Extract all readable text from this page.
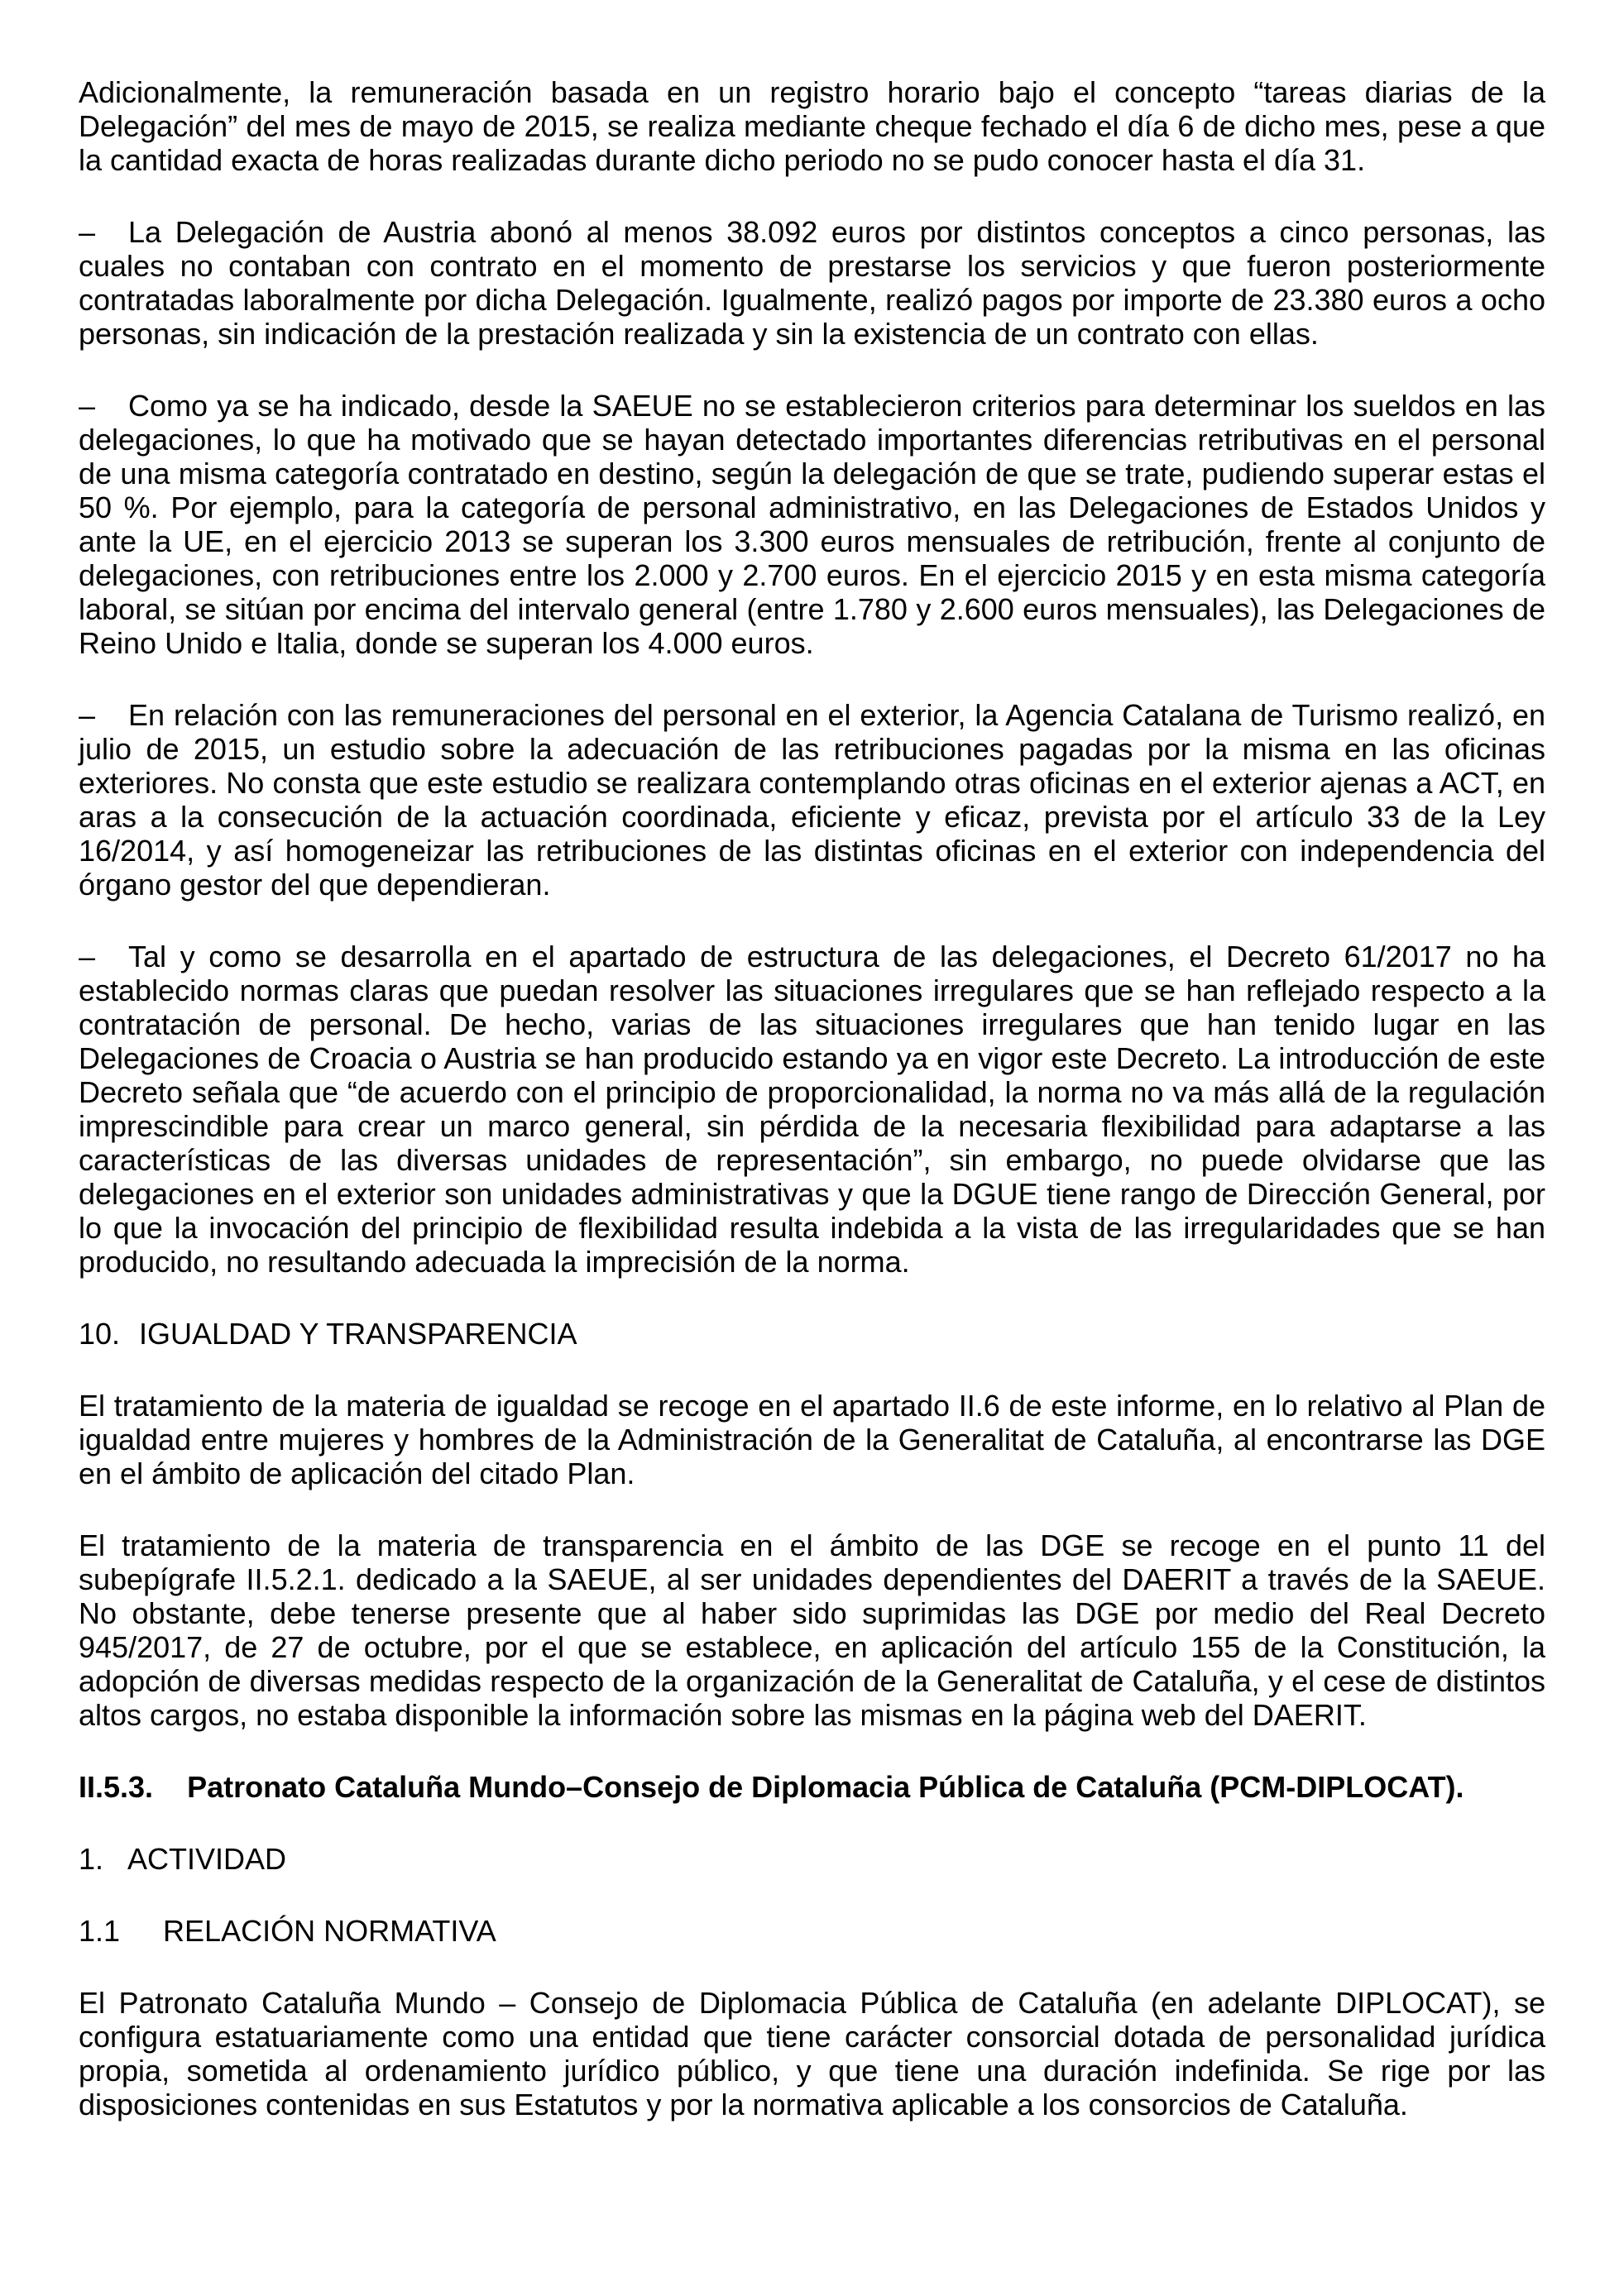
Adicionalmente, la remuneración basada en un registro horario bajo el concepto “tareas diarias de la Delegación” del mes de mayo de 2015, se realiza mediante cheque fechado el día 6 de dicho mes, pese a que la cantidad exacta de horas realizadas durante dicho periodo no se pudo conocer hasta el día 31.

– La Delegación de Austria abonó al menos 38.092 euros por distintos conceptos a cinco personas, las cuales no contaban con contrato en el momento de prestarse los servicios y que fueron posteriormente contratadas laboralmente por dicha Delegación. Igualmente, realizó pagos por importe de 23.380 euros a ocho personas, sin indicación de la prestación realizada y sin la existencia de un contrato con ellas.

– Como ya se ha indicado, desde la SAEUE no se establecieron criterios para determinar los sueldos en las delegaciones, lo que ha motivado que se hayan detectado importantes diferencias retributivas en el personal de una misma categoría contratado en destino, según la delegación de que se trate, pudiendo superar estas el 50 %. Por ejemplo, para la categoría de personal administrativo, en las Delegaciones de Estados Unidos y ante la UE, en el ejercicio 2013 se superan los 3.300 euros mensuales de retribución, frente al conjunto de delegaciones, con retribuciones entre los 2.000 y 2.700 euros. En el ejercicio 2015 y en esta misma categoría laboral, se sitúan por encima del intervalo general (entre 1.780 y 2.600 euros mensuales), las Delegaciones de Reino Unido e Italia, donde se superan los 4.000 euros.

– En relación con las remuneraciones del personal en el exterior, la Agencia Catalana de Turismo realizó, en julio de 2015, un estudio sobre la adecuación de las retribuciones pagadas por la misma en las oficinas exteriores. No consta que este estudio se realizara contemplando otras oficinas en el exterior ajenas a ACT, en aras a la consecución de la actuación coordinada, eficiente y eficaz, prevista por el artículo 33 de la Ley 16/2014, y así homogeneizar las retribuciones de las distintas oficinas en el exterior con independencia del órgano gestor del que dependieran.

– Tal y como se desarrolla en el apartado de estructura de las delegaciones, el Decreto 61/2017 no ha establecido normas claras que puedan resolver las situaciones irregulares que se han reflejado respecto a la contratación de personal. De hecho, varias de las situaciones irregulares que han tenido lugar en las Delegaciones de Croacia o Austria se han producido estando ya en vigor este Decreto. La introducción de este Decreto señala que “de acuerdo con el principio de proporcionalidad, la norma no va más allá de la regulación imprescindible para crear un marco general, sin pérdida de la necesaria flexibilidad para adaptarse a las características de las diversas unidades de representación”, sin embargo, no puede olvidarse que las delegaciones en el exterior son unidades administrativas y que la DGUE tiene rango de Dirección General, por lo que la invocación del principio de flexibilidad resulta indebida a la vista de las irregularidades que se han producido, no resultando adecuada la imprecisión de la norma.

10. IGUALDAD Y TRANSPARENCIA

El tratamiento de la materia de igualdad se recoge en el apartado II.6 de este informe, en lo relativo al Plan de igualdad entre mujeres y hombres de la Administración de la Generalitat de Cataluña, al encontrarse las DGE en el ámbito de aplicación del citado Plan.

El tratamiento de la materia de transparencia en el ámbito de las DGE se recoge en el punto 11 del subepígrafe II.5.2.1. dedicado a la SAEUE, al ser unidades dependientes del DAERIT a través de la SAEUE. No obstante, debe tenerse presente que al haber sido suprimidas las DGE por medio del Real Decreto 945/2017, de 27 de octubre, por el que se establece, en aplicación del artículo 155 de la Constitución, la adopción de diversas medidas respecto de la organización de la Generalitat de Cataluña, y el cese de distintos altos cargos, no estaba disponible la información sobre las mismas en la página web del DAERIT.

II.5.3. Patronato Cataluña Mundo–Consejo de Diplomacia Pública de Cataluña (PCM-DIPLOCAT).

1. ACTIVIDAD

1.1 RELACIÓN NORMATIVA

El Patronato Cataluña Mundo – Consejo de Diplomacia Pública de Cataluña (en adelante DIPLOCAT), se configura estatuariamente como una entidad que tiene carácter consorcial dotada de personalidad jurídica propia, sometida al ordenamiento jurídico público, y que tiene una duración indefinida. Se rige por las disposiciones contenidas en sus Estatutos y por la normativa aplicable a los consorcios de Cataluña.
